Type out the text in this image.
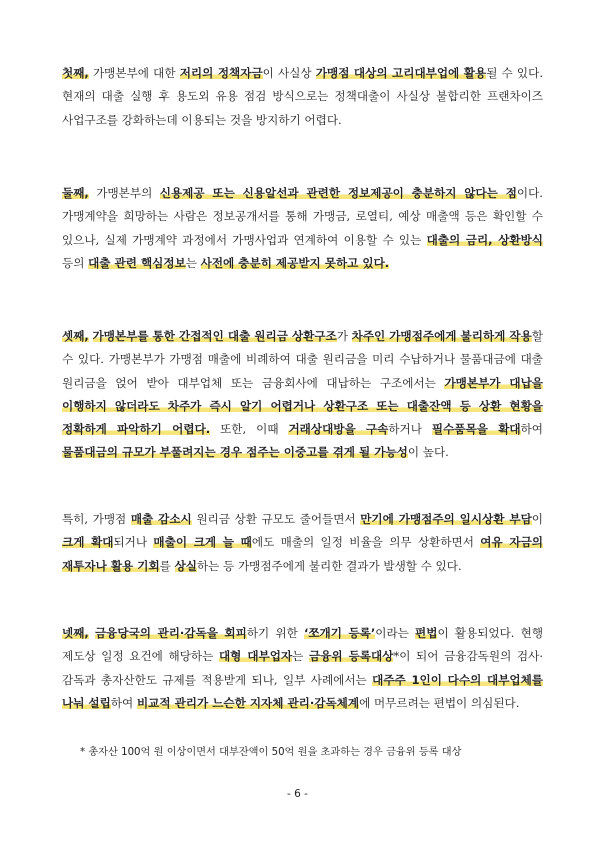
첫째, 가맹본부에 대한 저리의 정책자금이 사실상 가맹점 대상의 고리대부업에 활용될 수 있다. 현재의 대출 실행 후 용도외 유용 점검 방식으로는 정책대출이 사실상 불합리한 프랜차이즈 사업구조를 강화하는데 이용되는 것을 방지하기 어렵다.

둘째, 가맹본부의 신용제공 또는 신용알선과 관련한 정보제공이 충분하지 않다는 점이다. 가맹계약을 희망하는 사람은 정보공개서를 통해 가맹금, 로열티, 예상 매출액 등은 확인할 수 있으나, 실제 가맹계약 과정에서 가맹사업과 연계하여 이용할 수 있는 대출의 금리, 상환방식 등의 대출 관련 핵심정보는 사전에 충분히 제공받지 못하고 있다.

셋째, 가맹본부를 통한 간접적인 대출 원리금 상환구조가 차주인 가맹점주에게 불리하게 작용할 수 있다. 가맹본부가 가맹점 매출에 비례하여 대출 원리금을 미리 수납하거나 물품대금에 대출 원리금을 얹어 받아 대부업체 또는 금융회사에 대납하는 구조에서는 가맹본부가 대납을 이행하지 않더라도 차주가 즉시 알기 어렵거나 상환구조 또는 대출잔액 등 상환 현황을 정확하게 파악하기 어렵다. 또한, 이때 거래상대방을 구속하거나 필수품목을 확대하여 물품대금의 규모가 부풀려지는 경우 점주는 이중고를 겪게 될 가능성이 높다.

특히, 가맹점 매출 감소시 원리금 상환 규모도 줄어들면서 만기에 가맹점주의 일시상환 부담이 크게 확대되거나 매출이 크게 늘 때에도 매출의 일정 비율을 의무 상환하면서 여유 자금의 재투자나 활용 기회를 상실하는 등 가맹점주에게 불리한 결과가 발생할 수 있다.

넷째, 금융당국의 관리·감독을 회피하기 위한 ‘쪼개기 등록’이라는 편법이 활용되었다. 현행 제도상 일정 요건에 해당하는 대형 대부업자는 금융위 등록대상*이 되어 금융감독원의 검사·감독과 총자산한도 규제를 적용받게 되나, 일부 사례에서는 대주주 1인이 다수의 대부업체를 나눠 설립하여 비교적 관리가 느슨한 지자체 관리·감독체계에 머무르려는 편법이 의심된다.

* 총자산 100억 원 이상이면서 대부잔액이 50억 원을 초과하는 경우 금융위 등록 대상

- 6 -
